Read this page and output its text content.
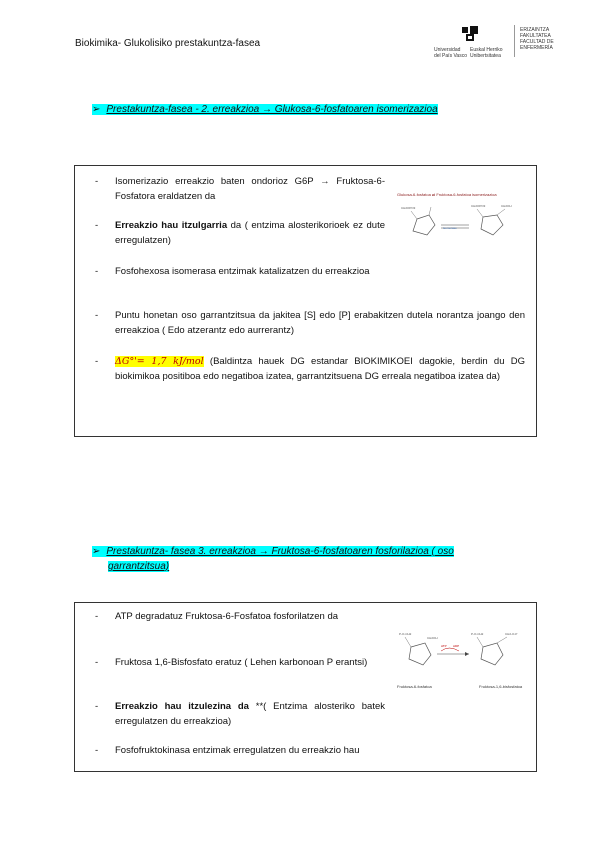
Biokimika- Glukolisiko prestakuntza-fasea
Universidad
del País Vasco
Euskal Herriko
Unibertsitatea
ERIZAINTZA
FAKULTATEA
FACULTAD DE
ENFERMERÍA
➢ Prestakuntza-fasea - 2. erreakzioa → Glukosa-6-fosfatoaren isomerizazioa
Glukosa-6-fosfatoa ⇌ Fruktosa-6-fosfatoa isomerizazioa
CH2OPO3
isomerase
CH2OH
CH2OPO3
- Isomerizazio erreakzio baten ondorioz G6P → Fruktosa-6-Fosfatora eraldatzen da
- Erreakzio hau itzulgarria da ( entzima alosterikorioek ez dute erregulatzen)
- Fosfohexosa isomerasa entzimak katalizatzen du erreakzioa
- Puntu honetan oso garrantzitsua da jakitea [S] edo [P] erabakitzen dutela norantza joango den erreakzioa ( Edo atzerantz edo aurrerantz)
- ΔG°'= 1,7 kJ/mol (Baldintza hauek DG estandar BIOKIMIKOEI dagokie, berdin du DG biokimikoa positiboa edo negatiboa izatea, garrantzitsuena DG erreala negatiboa izatea da)
➢ Prestakuntza- fasea 3. erreakzioa → Fruktosa-6-fosfatoaren fosforilazioa ( oso
garrantzitsua)
P-O-CH2
CH2OH
ATP ADP
P-O-CH2	CH2-O-P
Fruktosa-6-fosfatoa	Fruktosa-1,6-bisfosfatoa
- ATP degradatuz Fruktosa-6-Fosfatoa fosforilatzen da
- Fruktosa 1,6-Bisfosfato eratuz ( Lehen karbonoan P erantsi)
- Erreakzio hau itzulezina da **( Entzima alosteriko batek erregulatzen du erreakzioa)
- Fosfofruktokinasa entzimak erregulatzen du erreakzio hau
